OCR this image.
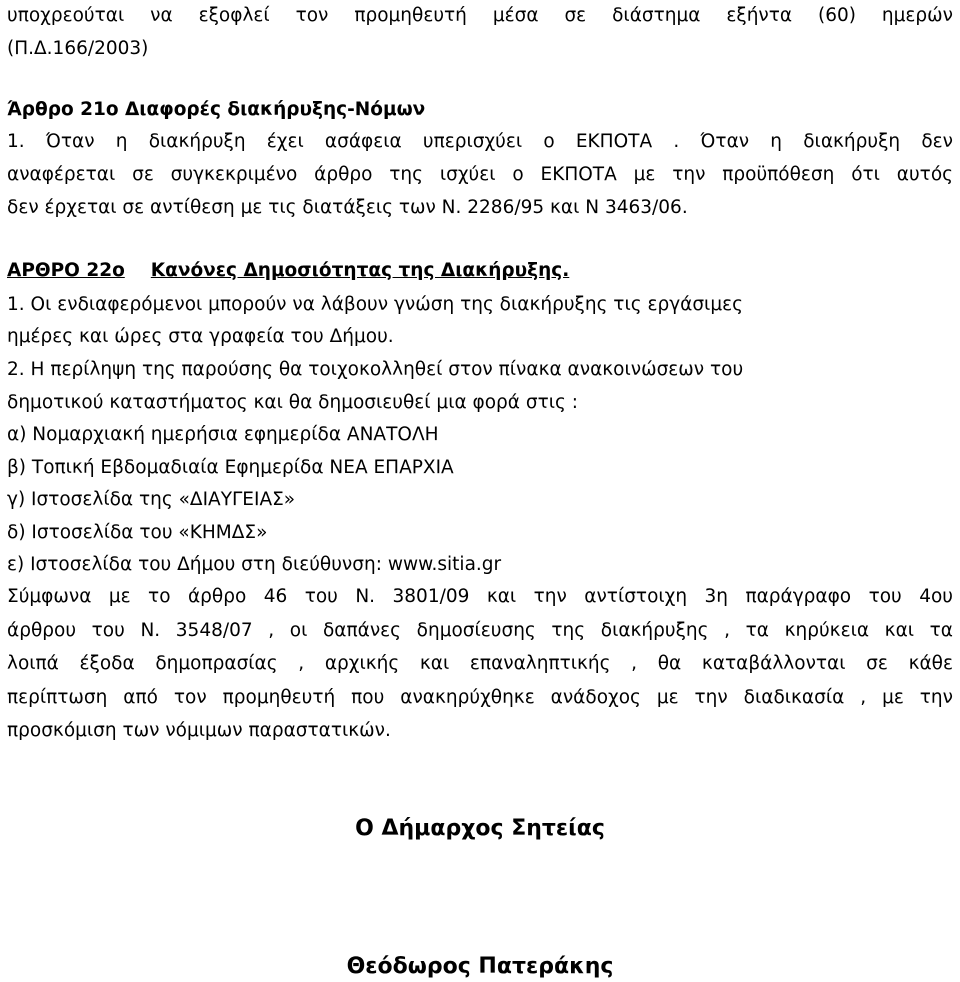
υποχρεούται να εξοφλεί τον προμηθευτή μέσα σε διάστημα εξήντα (60) ημερών
(Π.Δ.166/2003)
Άρθρο 21ο Διαφορές διακήρυξης-Νόμων
1. Όταν η διακήρυξη έχει ασάφεια υπερισχύει ο ΕΚΠΟΤΑ . Όταν η διακήρυξη δεν
αναφέρεται σε συγκεκριμένο άρθρο της ισχύει ο ΕΚΠΟΤΑ με την προϋπόθεση ότι αυτός
δεν έρχεται σε αντίθεση με τις διατάξεις των Ν. 2286/95 και Ν 3463/06.
ΑΡΘΡΟ 22ο Κανόνες Δημοσιότητας της Διακήρυξης.
1. Οι ενδιαφερόμενοι μπορούν να λάβουν γνώση της διακήρυξης τις εργάσιμες
ημέρες και ώρες στα γραφεία του Δήμου.
2. Η περίληψη της παρούσης θα τοιχοκολληθεί στον πίνακα ανακοινώσεων του
δημοτικού καταστήματος και θα δημοσιευθεί μια φορά στις :
α) Νομαρχιακή ημερήσια εφημερίδα ΑΝΑΤΟΛΗ
β) Τοπική Εβδομαδιαία Εφημερίδα ΝΕΑ ΕΠΑΡΧΙΑ
γ) Ιστοσελίδα της «ΔΙΑΥΓΕΙΑΣ»
δ) Ιστοσελίδα του «ΚΗΜΔΣ»
ε) Ιστοσελίδα του Δήμου στη διεύθυνση: www.sitia.gr
Σύμφωνα με το άρθρο 46 του Ν. 3801/09 και την αντίστοιχη 3η παράγραφο του 4ου
άρθρου του Ν. 3548/07 , οι δαπάνες δημοσίευσης της διακήρυξης , τα κηρύκεια και τα
λοιπά έξοδα δημοπρασίας , αρχικής και επαναληπτικής , θα καταβάλλονται σε κάθε
περίπτωση από τον προμηθευτή που ανακηρύχθηκε ανάδοχος με την διαδικασία , με την
προσκόμιση των νόμιμων παραστατικών.
Ο Δήμαρχος Σητείας
Θεόδωρος Πατεράκης
